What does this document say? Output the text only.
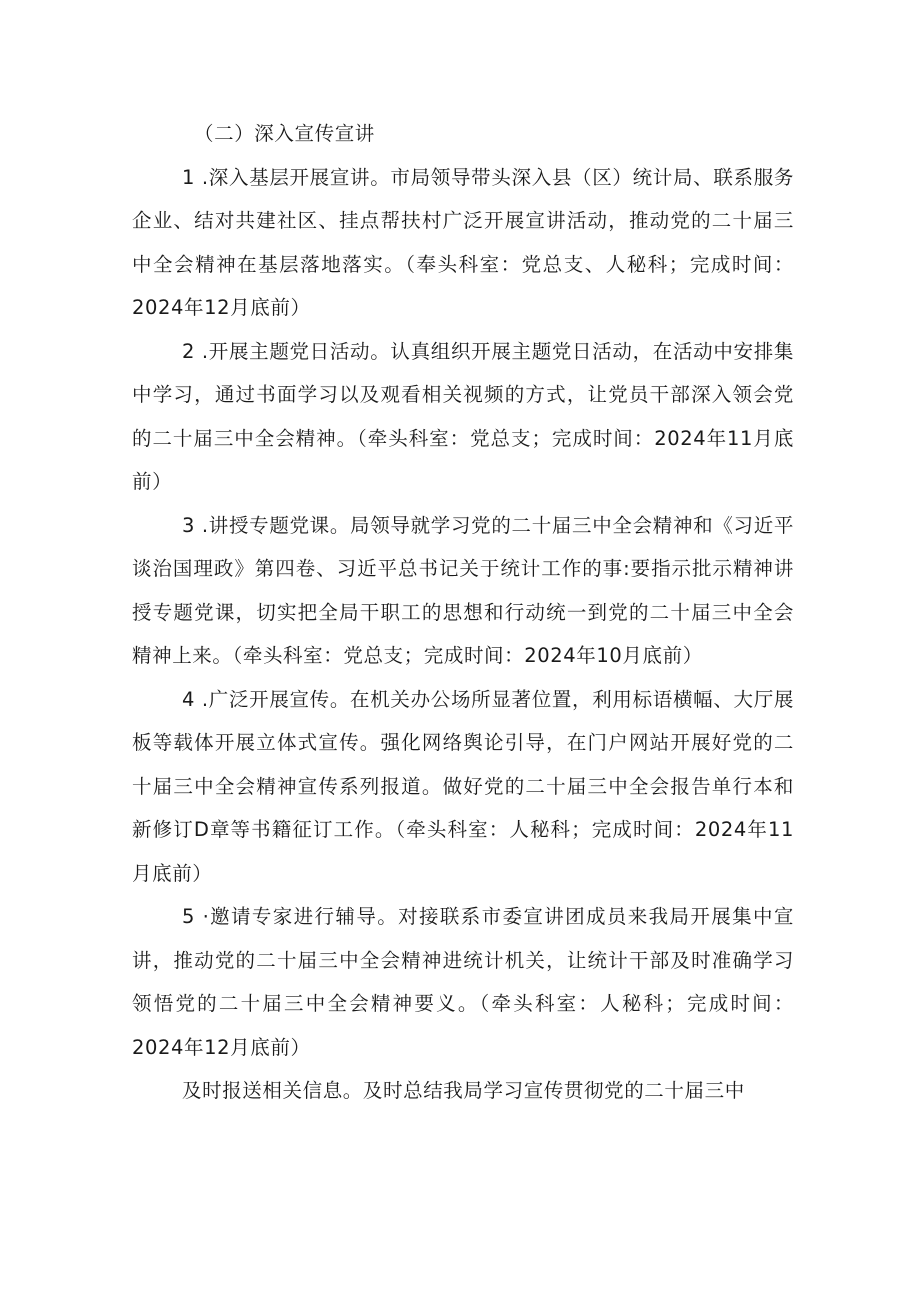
（二）深入宣传宣讲

1 .深入基层开展宣讲。市局领导带头深入县（区）统计局、联系服务企业、结对共建社区、挂点帮扶村广泛开展宣讲活动，推动党的二十届三中全会精神在基层落地落实。（奉头科室：党总支、人秘科；完成时间：2024年12月底前）

2 .开展主题党日活动。认真组织开展主题党日活动，在活动中安排集中学习，通过书面学习以及观看相关视频的方式，让党员干部深入领会党的二十届三中全会精神。（牵头科室：党总支；完成时间：2024年11月底前）

3 .讲授专题党课。局领导就学习党的二十届三中全会精神和《习近平谈治国理政》第四卷、习近平总书记关于统计工作的事:要指示批示精神讲授专题党课，切实把全局干职工的思想和行动统一到党的二十届三中全会精神上来。（牵头科室：党总支；完成时间：2024年10月底前）

4 .广泛开展宣传。在机关办公场所显著位置，利用标语横幅、大厅展板等载体开展立体式宣传。强化网络舆论引导，在门户网站开展好党的二十届三中全会精神宣传系列报道。做好党的二十届三中全会报告单行本和新修订D章等书籍征订工作。（牵头科室：人秘科；完成时间：2024年11月底前）

5 ·邀请专家进行辅导。对接联系市委宣讲团成员来我局开展集中宣讲，推动党的二十届三中全会精神进统计机关，让统计干部及时准确学习领悟党的二十届三中全会精神要义。（牵头科室：人秘科；完成时间：2024年12月底前）

及时报送相关信息。及时总结我局学习宣传贯彻党的二十届三中
